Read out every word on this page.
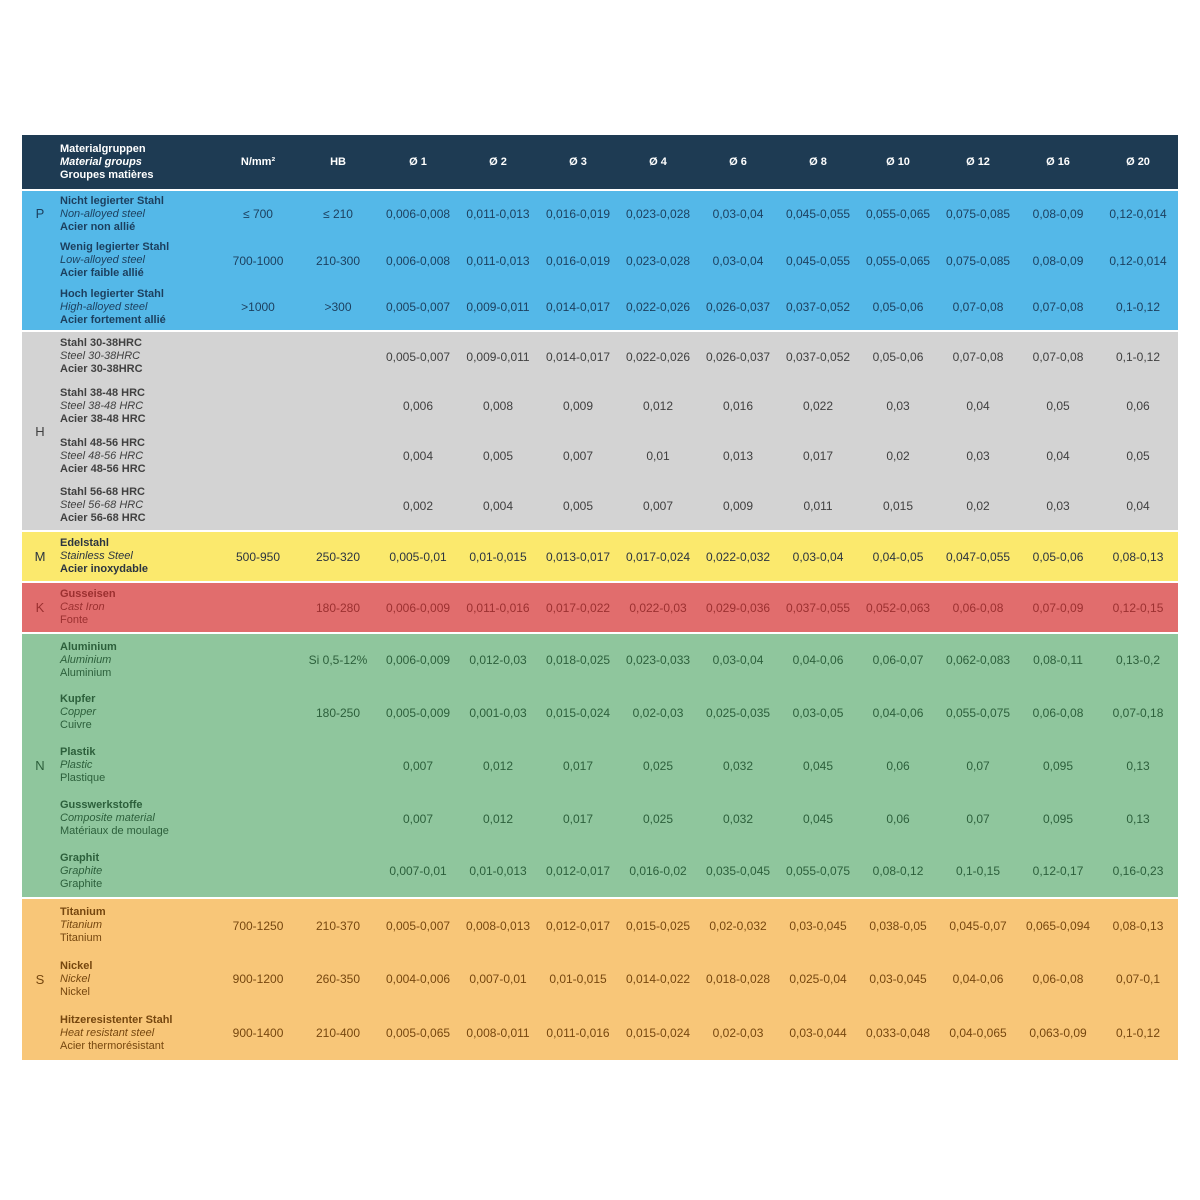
Materialgruppen
Material groups
Groupes matières		N/mm²	HB	Ø 1	Ø 2	Ø 3	Ø 4	Ø 6	Ø 8	Ø 10	Ø 12	Ø 16	Ø 20
P	Nicht legierter Stahl
Non-alloyed steel
Acier non allié	≤ 700	≤ 210	0,006-0,008	0,011-0,013	0,016-0,019	0,023-0,028	0,03-0,04	0,045-0,055	0,055-0,065	0,075-0,085	0,08-0,09	0,12-0,014

	Wenig legierter Stahl
Low-alloyed steel
Acier faible allié	700-1000	210-300	0,006-0,008	0,011-0,013	0,016-0,019	0,023-0,028	0,03-0,04	0,045-0,055	0,055-0,065	0,075-0,085	0,08-0,09	0,12-0,014

	Hoch legierter Stahl
High-alloyed steel
Acier fortement allié	>1000	>300	0,005-0,007	0,009-0,011	0,014-0,017	0,022-0,026	0,026-0,037	0,037-0,052	0,05-0,06	0,07-0,08	0,07-0,08	0,1-0,12
H	Stahl 30-38HRC
Steel 30-38HRC
Acier 30-38HRC			0,005-0,007	0,009-0,011	0,014-0,017	0,022-0,026	0,026-0,037	0,037-0,052	0,05-0,06	0,07-0,08	0,07-0,08	0,1-0,12

	Stahl 38-48 HRC
Steel 38-48 HRC
Acier 38-48 HRC			0,006	0,008	0,009	0,012	0,016	0,022	0,03	0,04	0,05	0,06

	Stahl 48-56 HRC
Steel 48-56 HRC
Acier 48-56 HRC			0,004	0,005	0,007	0,01	0,013	0,017	0,02	0,03	0,04	0,05

	Stahl 56-68 HRC
Steel 56-68 HRC
Acier 56-68 HRC			0,002	0,004	0,005	0,007	0,009	0,011	0,015	0,02	0,03	0,04
M	Edelstahl
Stainless Steel
Acier inoxydable	500-950	250-320	0,005-0,01	0,01-0,015	0,013-0,017	0,017-0,024	0,022-0,032	0,03-0,04	0,04-0,05	0,047-0,055	0,05-0,06	0,08-0,13
K	Gusseisen
Cast Iron
Fonte		180-280	0,006-0,009	0,011-0,016	0,017-0,022	0,022-0,03	0,029-0,036	0,037-0,055	0,052-0,063	0,06-0,08	0,07-0,09	0,12-0,15
N	Aluminium
Aluminium
Aluminium		Si 0,5-12%	0,006-0,009	0,012-0,03	0,018-0,025	0,023-0,033	0,03-0,04	0,04-0,06	0,06-0,07	0,062-0,083	0,08-0,11	0,13-0,2

	Kupfer
Copper
Cuivre		180-250	0,005-0,009	0,001-0,03	0,015-0,024	0,02-0,03	0,025-0,035	0,03-0,05	0,04-0,06	0,055-0,075	0,06-0,08	0,07-0,18

	Plastik
Plastic
Plastique			0,007	0,012	0,017	0,025	0,032	0,045	0,06	0,07	0,095	0,13

	Gusswerkstoffe
Composite material
Matériaux de moulage			0,007	0,012	0,017	0,025	0,032	0,045	0,06	0,07	0,095	0,13

	Graphit
Graphite
Graphite			0,007-0,01	0,01-0,013	0,012-0,017	0,016-0,02	0,035-0,045	0,055-0,075	0,08-0,12	0,1-0,15	0,12-0,17	0,16-0,23
S	Titanium
Titanium
Titanium	700-1250	210-370	0,005-0,007	0,008-0,013	0,012-0,017	0,015-0,025	0,02-0,032	0,03-0,045	0,038-0,05	0,045-0,07	0,065-0,094	0,08-0,13

	Nickel
Nickel
Nickel	900-1200	260-350	0,004-0,006	0,007-0,01	0,01-0,015	0,014-0,022	0,018-0,028	0,025-0,04	0,03-0,045	0,04-0,06	0,06-0,08	0,07-0,1

	Hitzeresistenter Stahl
Heat resistant steel
Acier thermorésistant	900-1400	210-400	0,005-0,065	0,008-0,011	0,011-0,016	0,015-0,024	0,02-0,03	0,03-0,044	0,033-0,048	0,04-0,065	0,063-0,09	0,1-0,12
